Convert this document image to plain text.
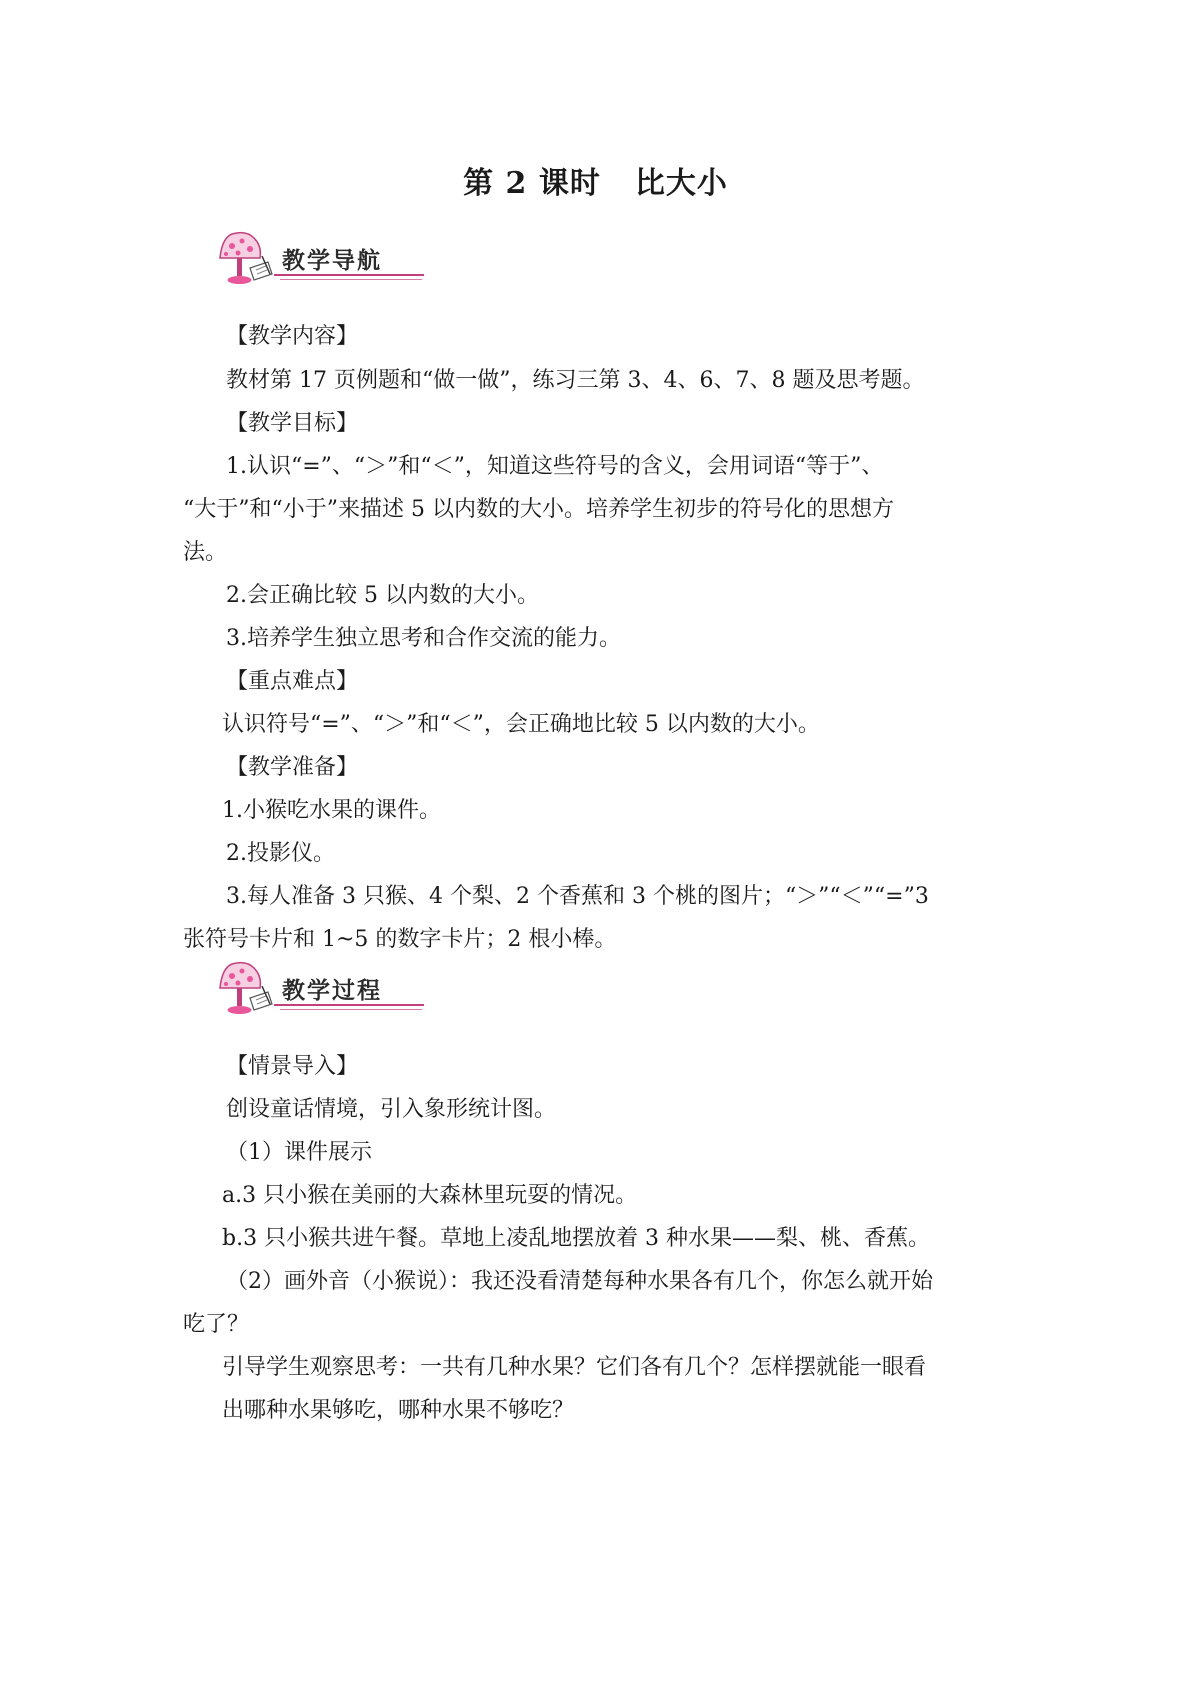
第 2 课时 比大小
教学导航
教学过程
【教学内容】
教材第 17 页例题和“做一做”，练习三第 3、4、6、7、8 题及思考题。
【教学目标】
1.认识“=”、“＞”和“＜”，知道这些符号的含义，会用词语“等于”、
“大于”和“小于”来描述 5 以内数的大小。培养学生初步的符号化的思想方
法。
2.会正确比较 5 以内数的大小。
3.培养学生独立思考和合作交流的能力。
【重点难点】
认识符号“=”、“＞”和“＜”，会正确地比较 5 以内数的大小。
【教学准备】
1.小猴吃水果的课件。
2.投影仪。
3.每人准备 3 只猴、4 个梨、2 个香蕉和 3 个桃的图片；“＞”“＜”“=”3
张符号卡片和 1~5 的数字卡片；2 根小棒。
【情景导入】
创设童话情境，引入象形统计图。
（1）课件展示
a.3 只小猴在美丽的大森林里玩耍的情况。
b.3 只小猴共进午餐。草地上凌乱地摆放着 3 种水果——梨、桃、香蕉。
（2）画外音（小猴说）：我还没看清楚每种水果各有几个，你怎么就开始
吃了？
引导学生观察思考：一共有几种水果？它们各有几个？怎样摆就能一眼看
出哪种水果够吃，哪种水果不够吃？
